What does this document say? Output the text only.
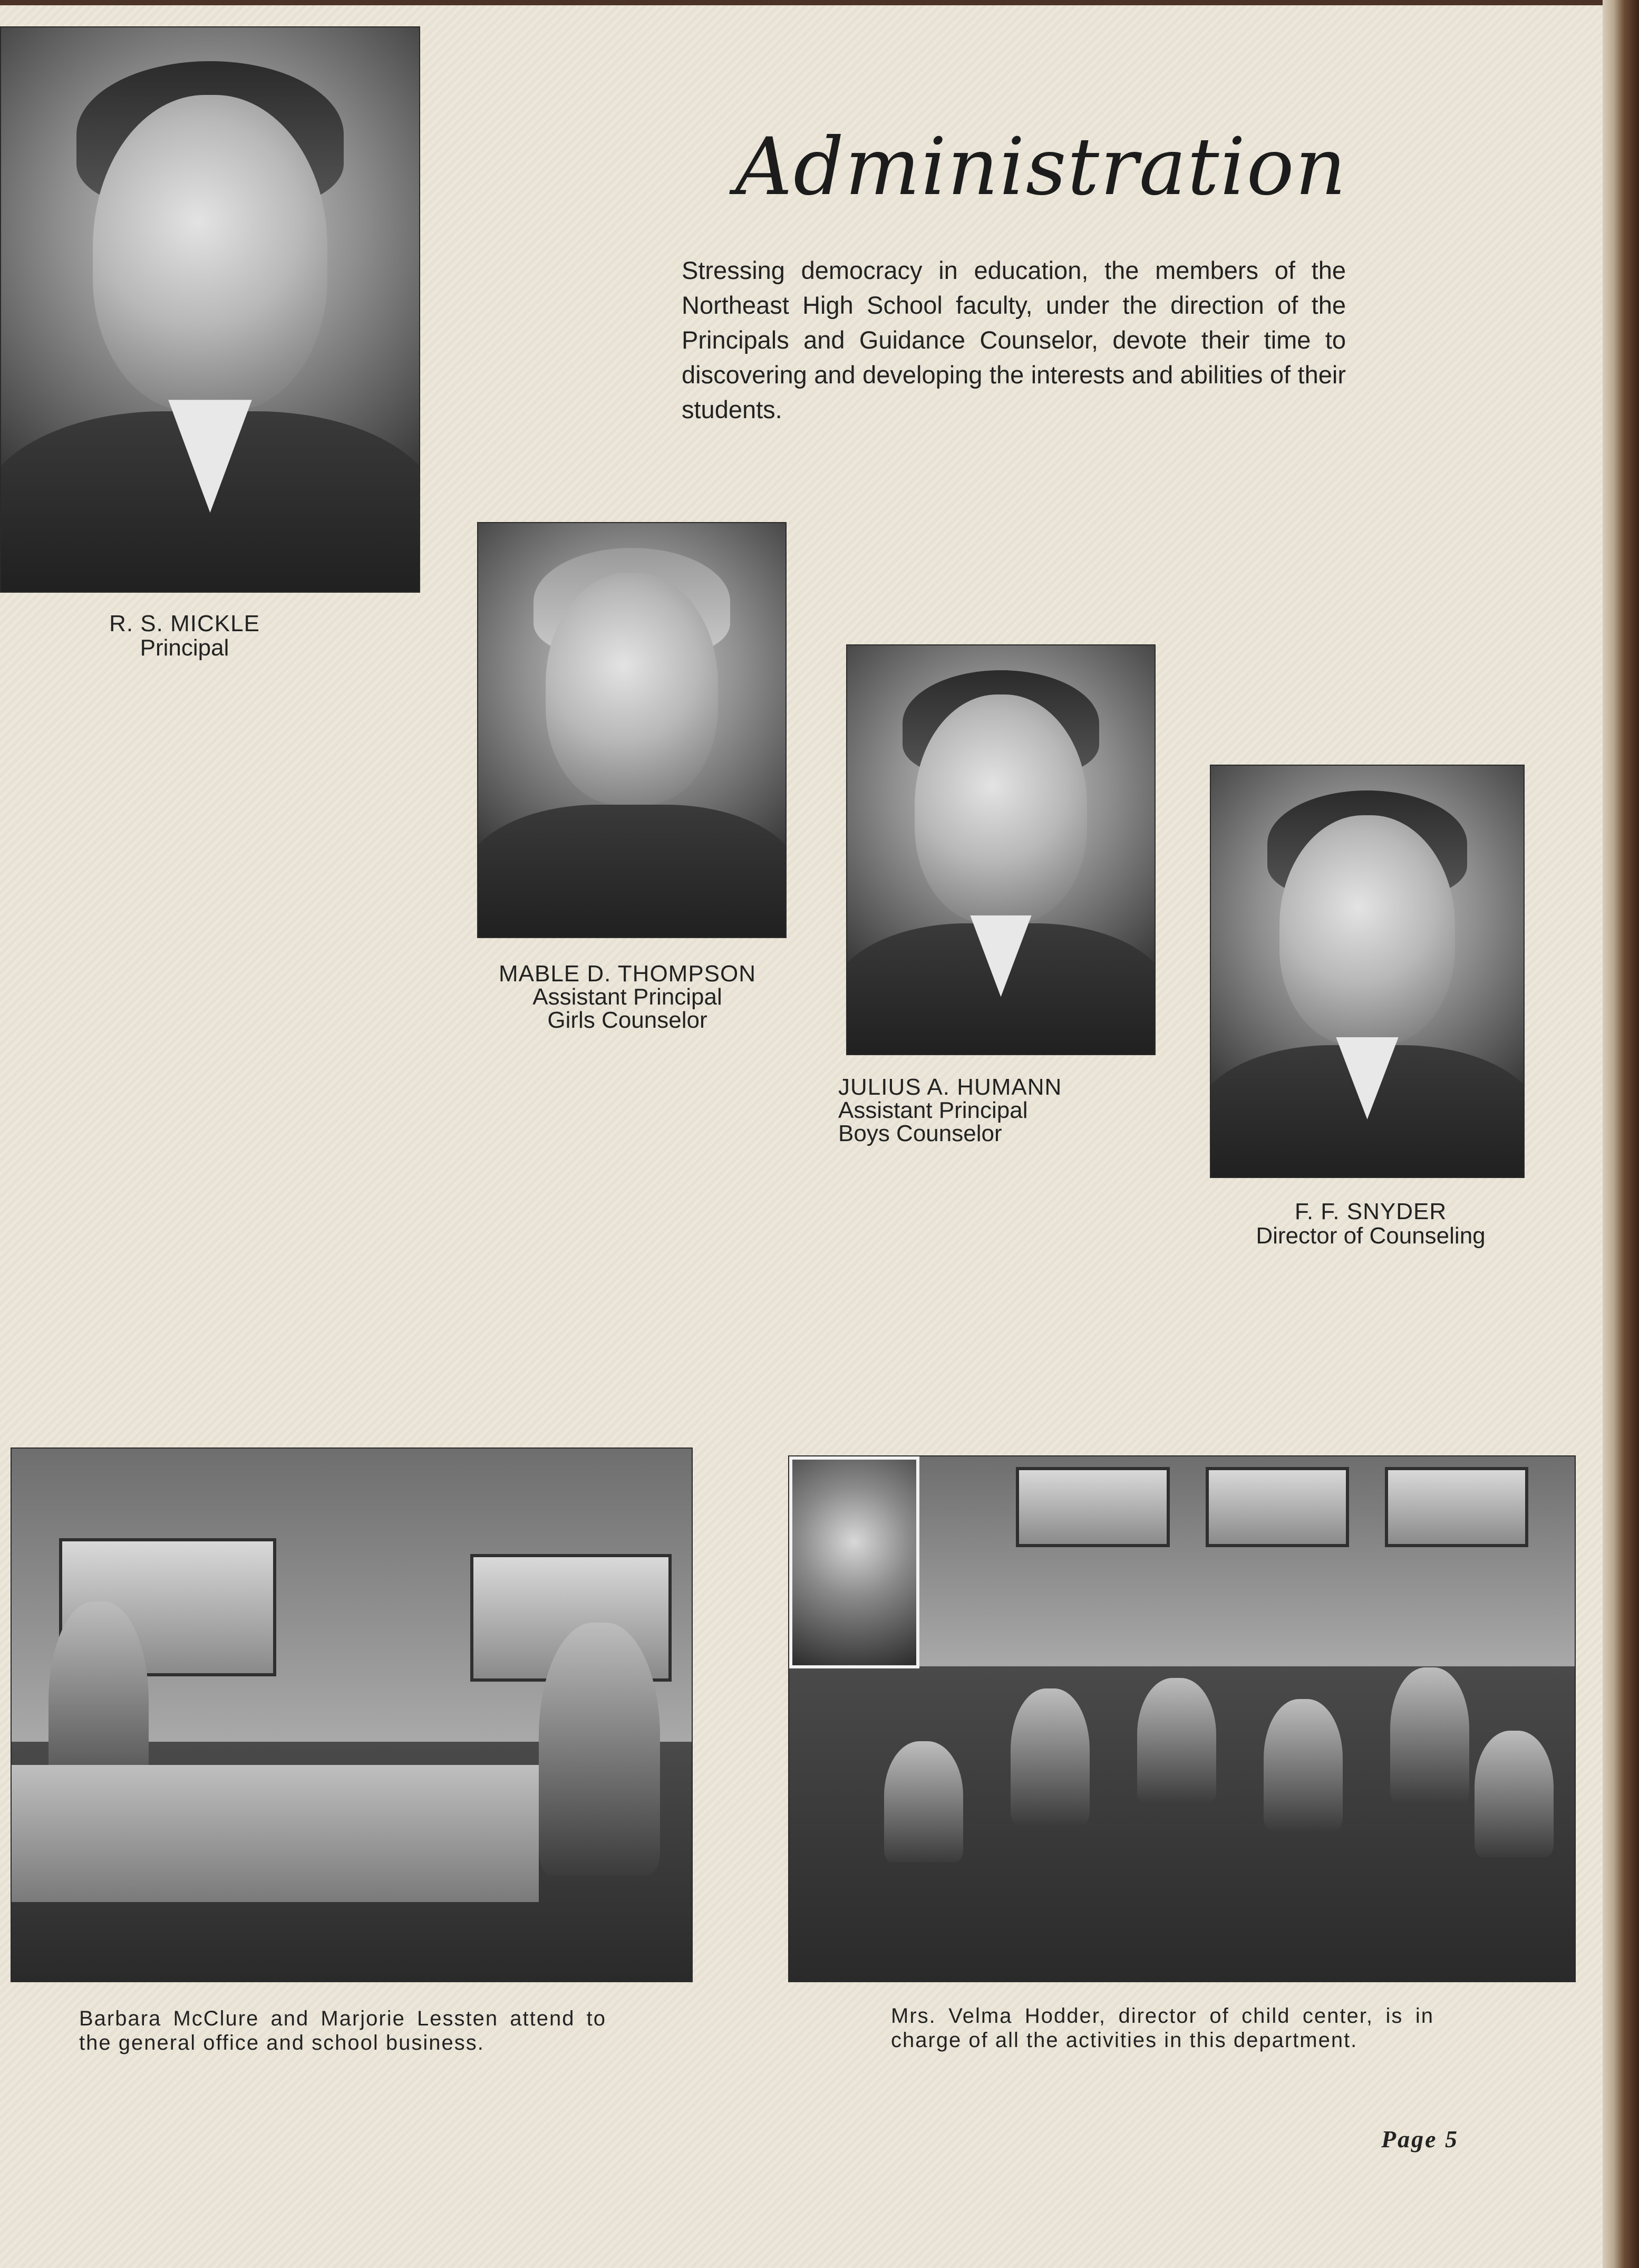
Administration
Stressing democracy in education, the members of the Northeast High School faculty, under the direction of the Principals and Guidance Counselor, devote their time to discovering and developing the interests and abilities of their students.
R. S. MICKLE
Principal
MABLE D. THOMPSON
Assistant Principal
Girls Counselor
JULIUS A. HUMANN
Assistant Principal
Boys Counselor
F. F. SNYDER
Director of Counseling
Barbara McClure and Marjorie Lessten attend to the general office and school business.
Mrs. Velma Hodder, director of child center, is in charge of all the activities in this department.
Page 5
